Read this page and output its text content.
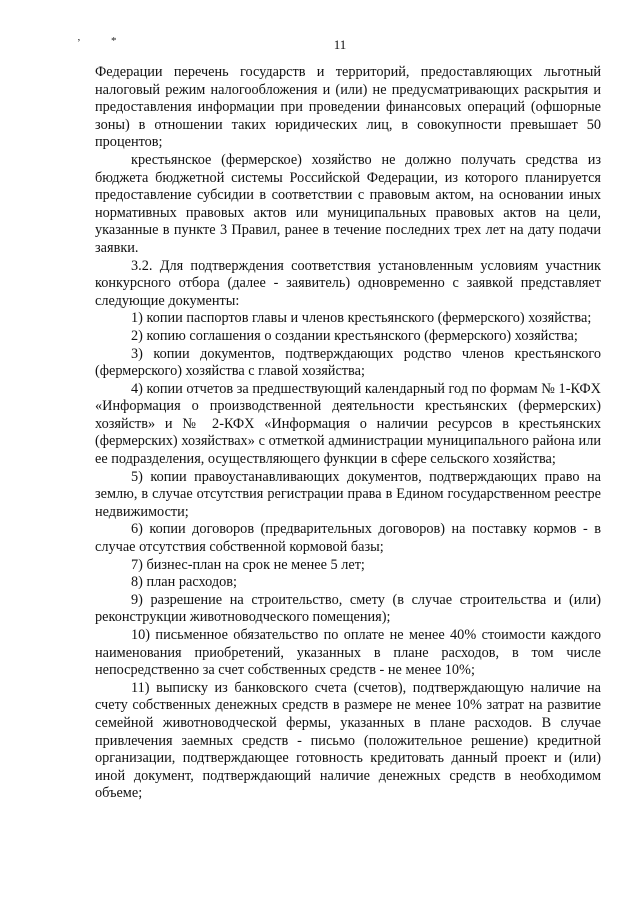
ʼ	*	11

Федерации перечень государств и территорий, предоставляющих льготный налоговый режим налогообложения и (или) не предусматривающих раскрытия и предоставления информации при проведении финансовых операций (офшорные зоны) в отношении таких юридических лиц, в совокупности превышает 50 процентов;

крестьянское (фермерское) хозяйство не должно получать средства из бюджета бюджетной системы Российской Федерации, из которого планируется предоставление субсидии в соответствии с правовым актом, на основании иных нормативных правовых актов или муниципальных правовых актов на цели, указанные в пункте 3 Правил, ранее в течение последних трех лет на дату подачи заявки.

3.2. Для подтверждения соответствия установленным условиям участник конкурсного отбора (далее - заявитель) одновременно с заявкой представляет следующие документы:

1) копии паспортов главы и членов крестьянского (фермерского) хозяйства;

2) копию соглашения о создании крестьянского (фермерского) хозяйства;

3) копии документов, подтверждающих родство членов крестьянского (фермерского) хозяйства с главой хозяйства;

4) копии отчетов за предшествующий календарный год по формам № 1-КФХ «Информация о производственной деятельности крестьянских (фермерских) хозяйств» и № 2-КФХ «Информация о наличии ресурсов в крестьянских (фермерских) хозяйствах» с отметкой администрации муниципального района или ее подразделения, осуществляющего функции в сфере сельского хозяйства;

5) копии правоустанавливающих документов, подтверждающих право на землю, в случае отсутствия регистрации права в Едином государственном реестре недвижимости;

6) копии договоров (предварительных договоров) на поставку кормов - в случае отсутствия собственной кормовой базы;

7) бизнес-план на срок не менее 5 лет;

8) план расходов;

9) разрешение на строительство, смету (в случае строительства и (или) реконструкции животноводческого помещения);

10) письменное обязательство по оплате не менее 40% стоимости каждого наименования приобретений, указанных в плане расходов, в том числе непосредственно за счет собственных средств - не менее 10%;

11) выписку из банковского счета (счетов), подтверждающую наличие на счету собственных денежных средств в размере не менее 10% затрат на развитие семейной животноводческой фермы, указанных в плане расходов. В случае привлечения заемных средств - письмо (положительное решение) кредитной организации, подтверждающее готовность кредитовать данный проект и (или) иной документ, подтверждающий наличие денежных средств в необходимом объеме;
